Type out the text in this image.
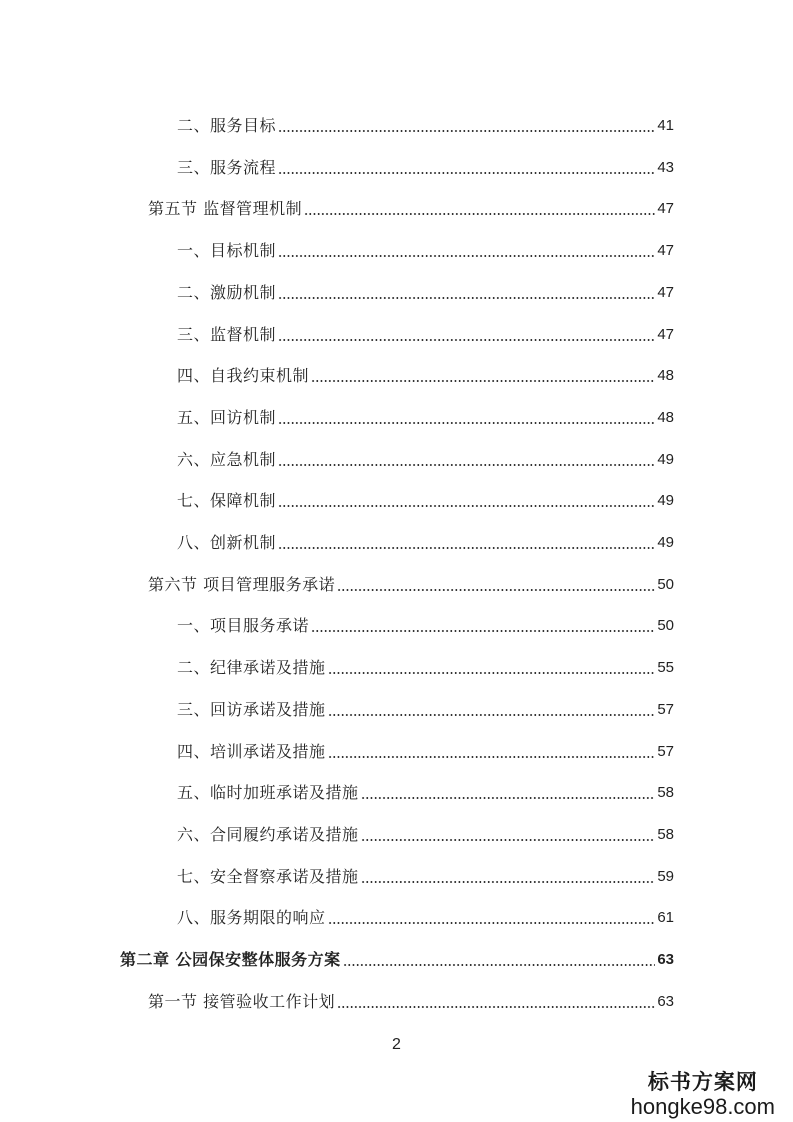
二、服务目标	41
三、服务流程	43
第五节 监督管理机制	47
一、目标机制	47
二、激励机制	47
三、监督机制	47
四、自我约束机制	48
五、回访机制	48
六、应急机制	49
七、保障机制	49
八、创新机制	49
第六节 项目管理服务承诺	50
一、项目服务承诺	50
二、纪律承诺及措施	55
三、回访承诺及措施	57
四、培训承诺及措施	57
五、临时加班承诺及措施	58
六、合同履约承诺及措施	58
七、安全督察承诺及措施	59
八、服务期限的响应	61
第二章 公园保安整体服务方案	63
第一节 接管验收工作计划	63
2
标书方案网
hongke98.com
